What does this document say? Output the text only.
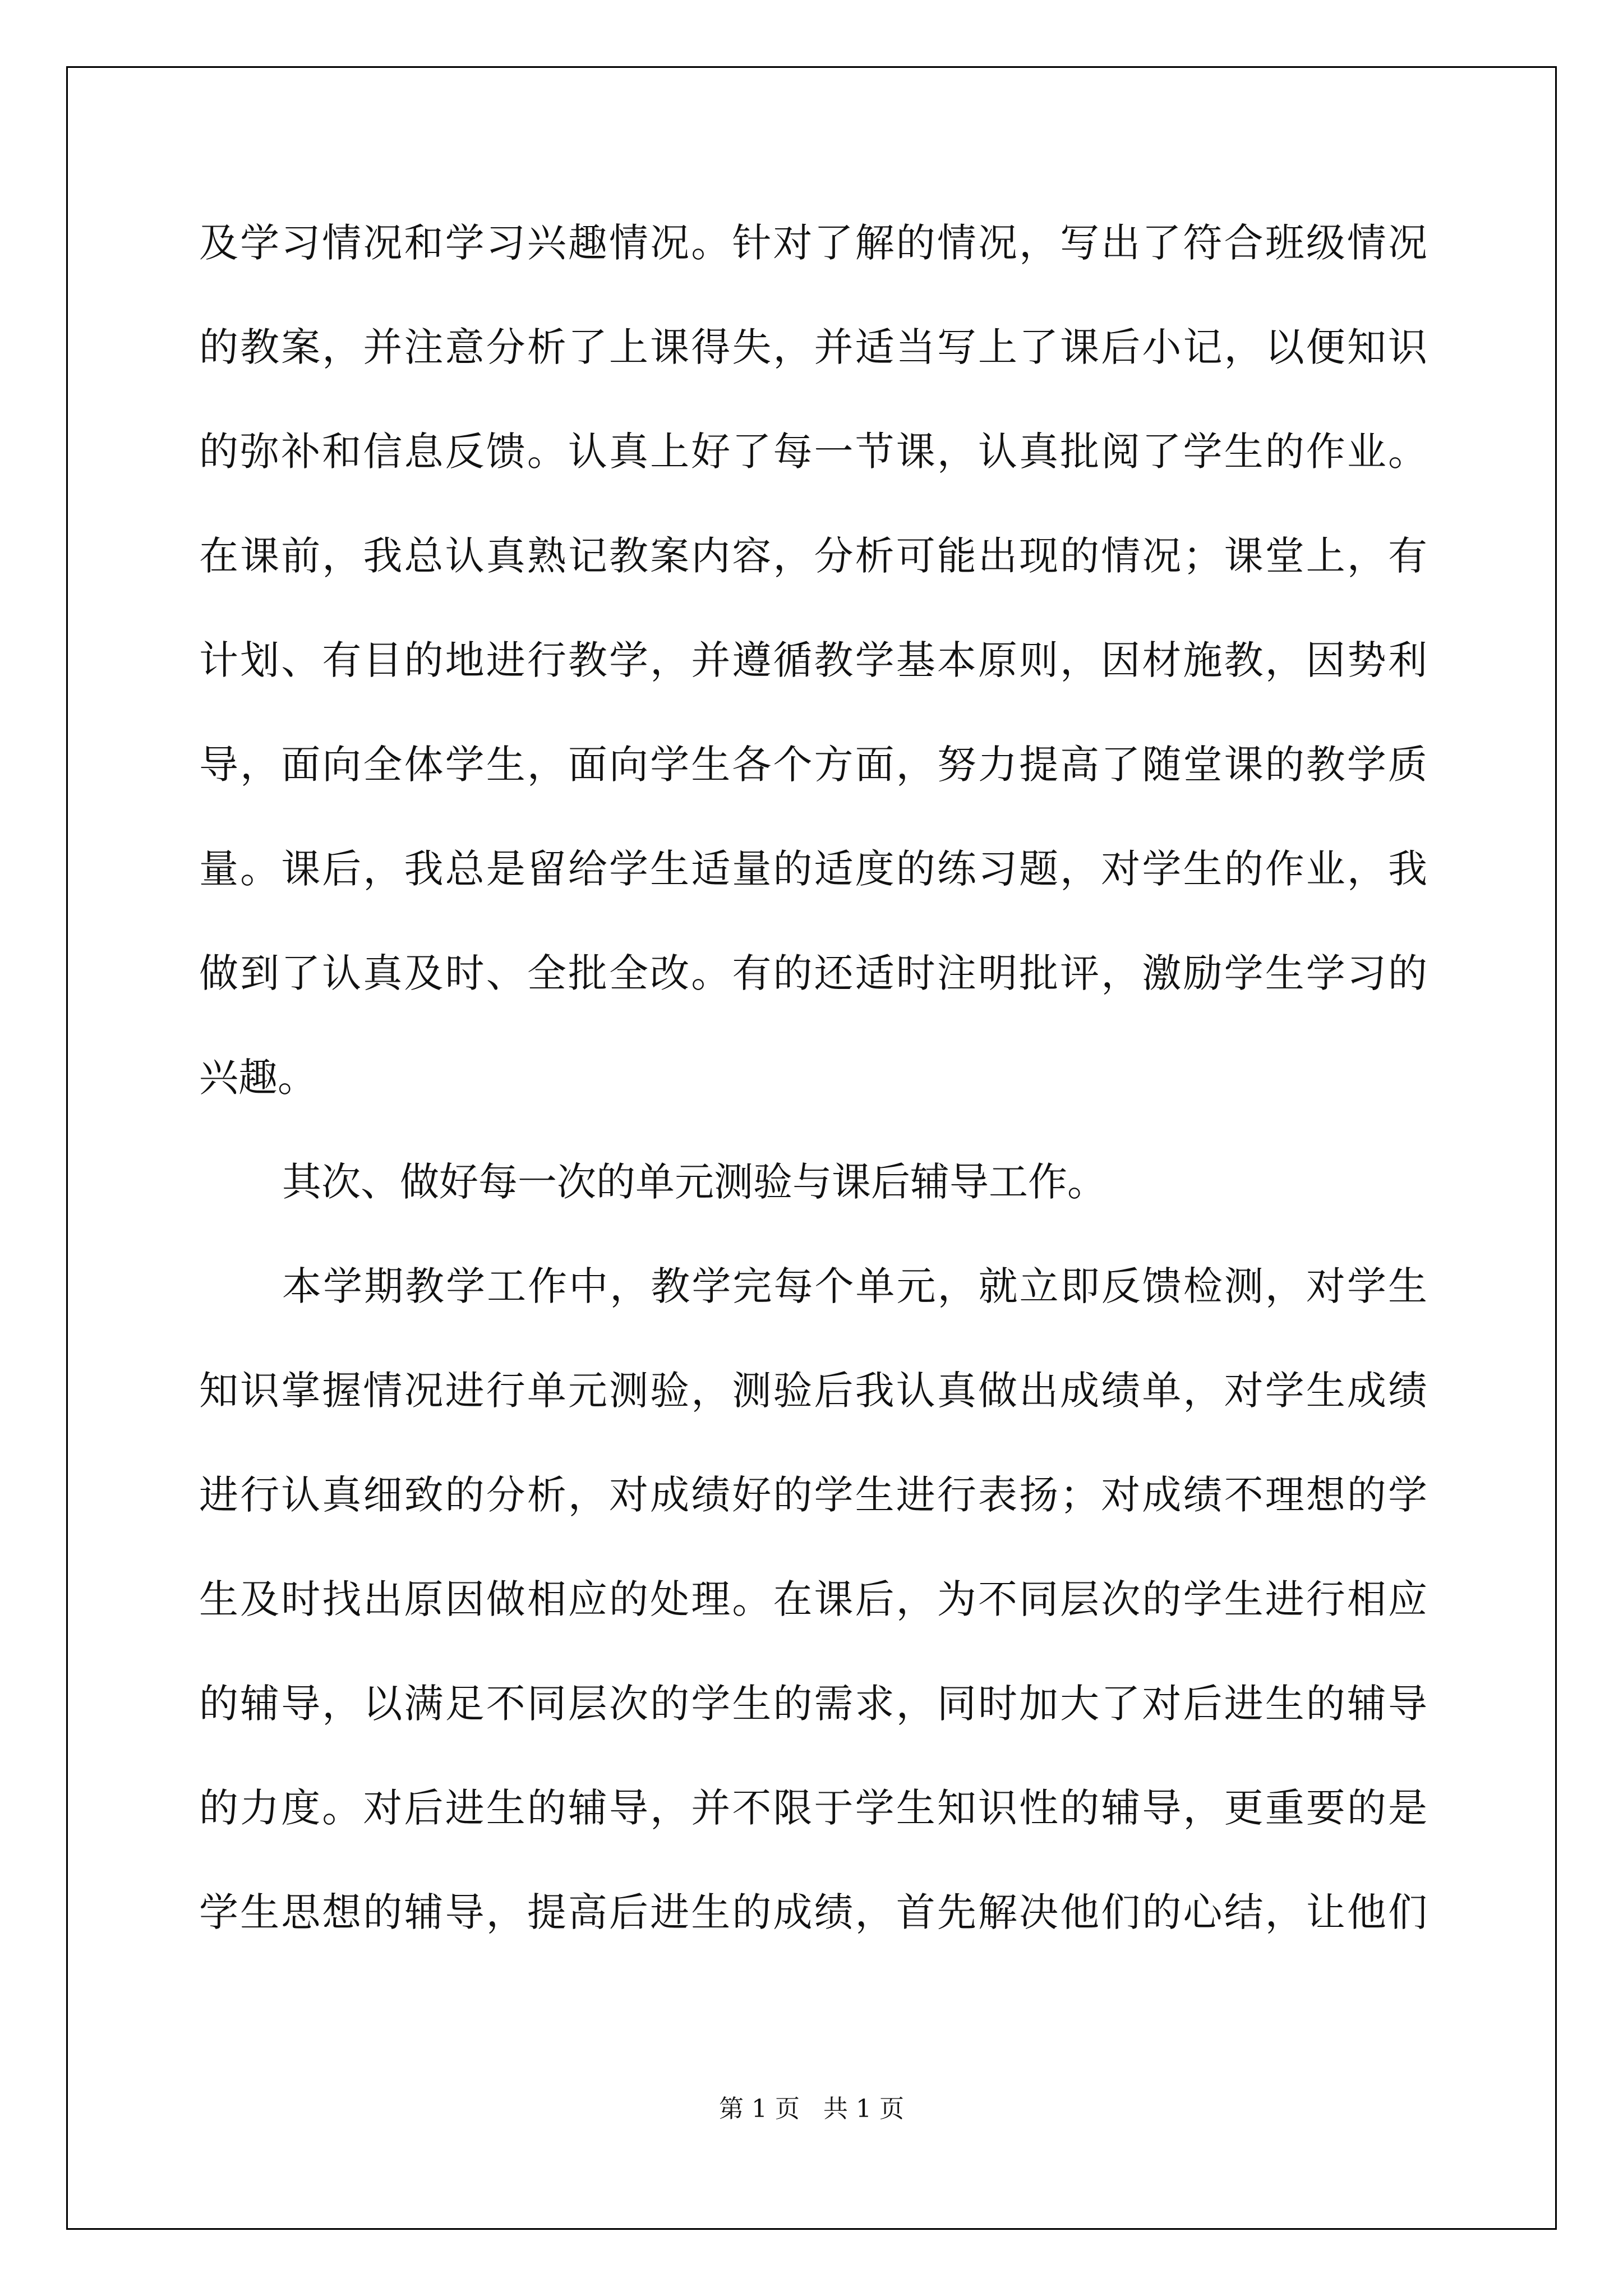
及学习情况和学习兴趣情况。针对了解的情况，写出了符合班级情况
的教案，并注意分析了上课得失，并适当写上了课后小记，以便知识
的弥补和信息反馈。认真上好了每一节课，认真批阅了学生的作业。
在课前，我总认真熟记教案内容，分析可能出现的情况；课堂上，有
计划、有目的地进行教学，并遵循教学基本原则，因材施教，因势利
导，面向全体学生，面向学生各个方面，努力提高了随堂课的教学质
量。课后，我总是留给学生适量的适度的练习题，对学生的作业，我
做到了认真及时、全批全改。有的还适时注明批评，激励学生学习的
兴趣。
其次、做好每一次的单元测验与课后辅导工作。
本学期教学工作中，教学完每个单元，就立即反馈检测，对学生
知识掌握情况进行单元测验，测验后我认真做出成绩单，对学生成绩
进行认真细致的分析，对成绩好的学生进行表扬；对成绩不理想的学
生及时找出原因做相应的处理。在课后，为不同层次的学生进行相应
的辅导，以满足不同层次的学生的需求，同时加大了对后进生的辅导
的力度。对后进生的辅导，并不限于学生知识性的辅导，更重要的是
学生思想的辅导，提高后进生的成绩，首先解决他们的心结，让他们
第 1 页   共 1 页
